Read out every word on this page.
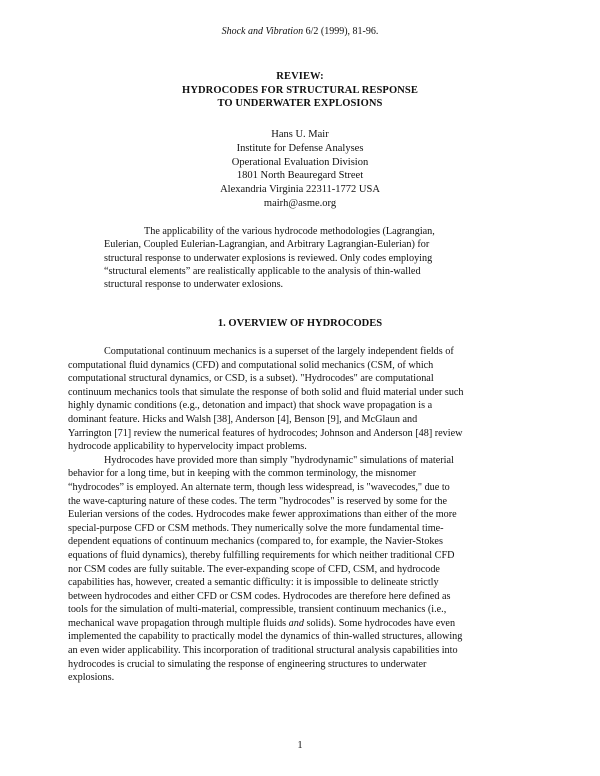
Shock and Vibration 6/2 (1999), 81-96.
REVIEW:
HYDROCODES FOR STRUCTURAL RESPONSE
TO UNDERWATER EXPLOSIONS
Hans U. Mair
Institute for Defense Analyses
Operational Evaluation Division
1801 North Beauregard Street
Alexandria Virginia 22311-1772 USA
mairh@asme.org
The applicability of the various hydrocode methodologies (Lagrangian,
Eulerian, Coupled Eulerian-Lagrangian, and Arbitrary Lagrangian-Eulerian) for
structural response to underwater explosions is reviewed. Only codes employing
“structural elements” are realistically applicable to the analysis of thin-walled
structural response to underwater exlosions.
1. OVERVIEW OF HYDROCODES
Computational continuum mechanics is a superset of the largely independent fields of
computational fluid dynamics (CFD) and computational solid mechanics (CSM, of which
computational structural dynamics, or CSD, is a subset). "Hydrocodes" are computational
continuum mechanics tools that simulate the response of both solid and fluid material under such
highly dynamic conditions (e.g., detonation and impact) that shock wave propagation is a
dominant feature. Hicks and Walsh [38], Anderson [4], Benson [9], and McGlaun and
Yarrington [71] review the numerical features of hydrocodes; Johnson and Anderson [48] review
hydrocode applicability to hypervelocity impact problems.
Hydrocodes have provided more than simply "hydrodynamic" simulations of material
behavior for a long time, but in keeping with the common terminology, the misnomer
“hydrocodes” is employed. An alternate term, though less widespread, is "wavecodes," due to
the wave-capturing nature of these codes. The term "hydrocodes" is reserved by some for the
Eulerian versions of the codes. Hydrocodes make fewer approximations than either of the more
special-purpose CFD or CSM methods. They numerically solve the more fundamental time-
dependent equations of continuum mechanics (compared to, for example, the Navier-Stokes
equations of fluid dynamics), thereby fulfilling requirements for which neither traditional CFD
nor CSM codes are fully suitable. The ever-expanding scope of CFD, CSM, and hydrocode
capabilities has, however, created a semantic difficulty: it is impossible to delineate strictly
between hydrocodes and either CFD or CSM codes. Hydrocodes are therefore here defined as
tools for the simulation of multi-material, compressible, transient continuum mechanics (i.e.,
mechanical wave propagation through multiple fluids and solids). Some hydrocodes have even
implemented the capability to practically model the dynamics of thin-walled structures, allowing
an even wider applicability. This incorporation of traditional structural analysis capabilities into
hydrocodes is crucial to simulating the response of engineering structures to underwater
explosions.
1
